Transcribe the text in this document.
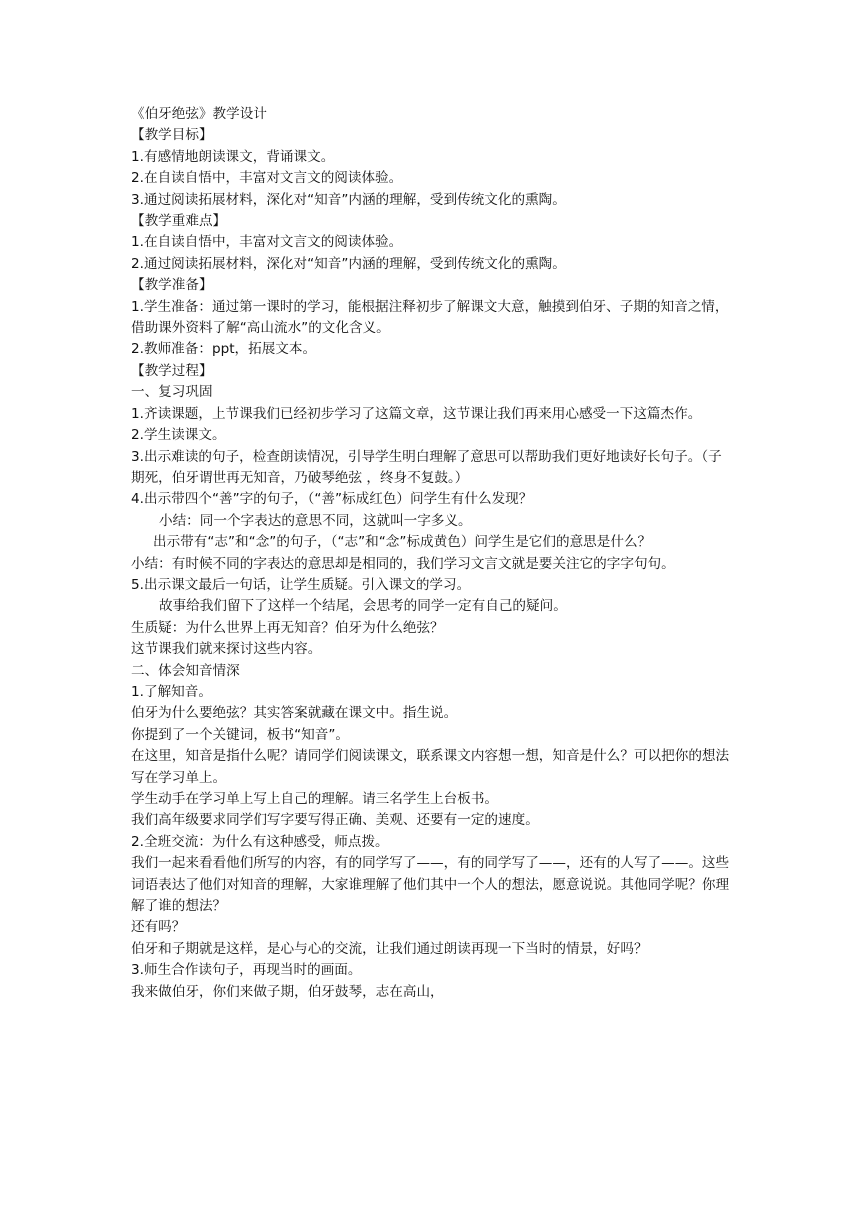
《伯牙绝弦》教学设计

【教学目标】

1.有感情地朗读课文，背诵课文。

2.在自读自悟中，丰富对文言文的阅读体验。

3.通过阅读拓展材料，深化对“知音”内涵的理解，受到传统文化的熏陶。

【教学重难点】

1.在自读自悟中，丰富对文言文的阅读体验。

2.通过阅读拓展材料，深化对“知音”内涵的理解，受到传统文化的熏陶。

【教学准备】

1.学生准备：通过第一课时的学习，能根据注释初步了解课文大意，触摸到伯牙、子期的知音之情，借助课外资料了解“高山流水”的文化含义。

2.教师准备：ppt，拓展文本。

【教学过程】

一、复习巩固

1.齐读课题，上节课我们已经初步学习了这篇文章，这节课让我们再来用心感受一下这篇杰作。

2.学生读课文。

3.出示难读的句子，检查朗读情况，引导学生明白理解了意思可以帮助我们更好地读好长句子。（子期死，伯牙谓世再无知音，乃破琴绝弦 ，终身不复鼓。）

4.出示带四个“善”字的句子，（“善”标成红色）问学生有什么发现？

小结：同一个字表达的意思不同，这就叫一字多义。

出示带有“志”和“念”的句子，（“志”和“念”标成黄色）问学生是它们的意思是什么？

小结：有时候不同的字表达的意思却是相同的，我们学习文言文就是要关注它的字字句句。

5.出示课文最后一句话，让学生质疑。引入课文的学习。

故事给我们留下了这样一个结尾，会思考的同学一定有自己的疑问。

生质疑：为什么世界上再无知音？伯牙为什么绝弦？

这节课我们就来探讨这些内容。

二、体会知音情深

1.了解知音。

伯牙为什么要绝弦？其实答案就藏在课文中。指生说。

你提到了一个关键词，板书“知音”。

在这里，知音是指什么呢？请同学们阅读课文，联系课文内容想一想，知音是什么？可以把你的想法写在学习单上。

学生动手在学习单上写上自己的理解。请三名学生上台板书。

我们高年级要求同学们写字要写得正确、美观、还要有一定的速度。

2.全班交流：为什么有这种感受，师点拨。

我们一起来看看他们所写的内容，有的同学写了——，有的同学写了——，还有的人写了——。这些词语表达了他们对知音的理解，大家谁理解了他们其中一个人的想法，愿意说说。其他同学呢？你理解了谁的想法？

还有吗？

伯牙和子期就是这样，是心与心的交流，让我们通过朗读再现一下当时的情景，好吗？

3.师生合作读句子，再现当时的画面。

我来做伯牙，你们来做子期，伯牙鼓琴，志在高山，
